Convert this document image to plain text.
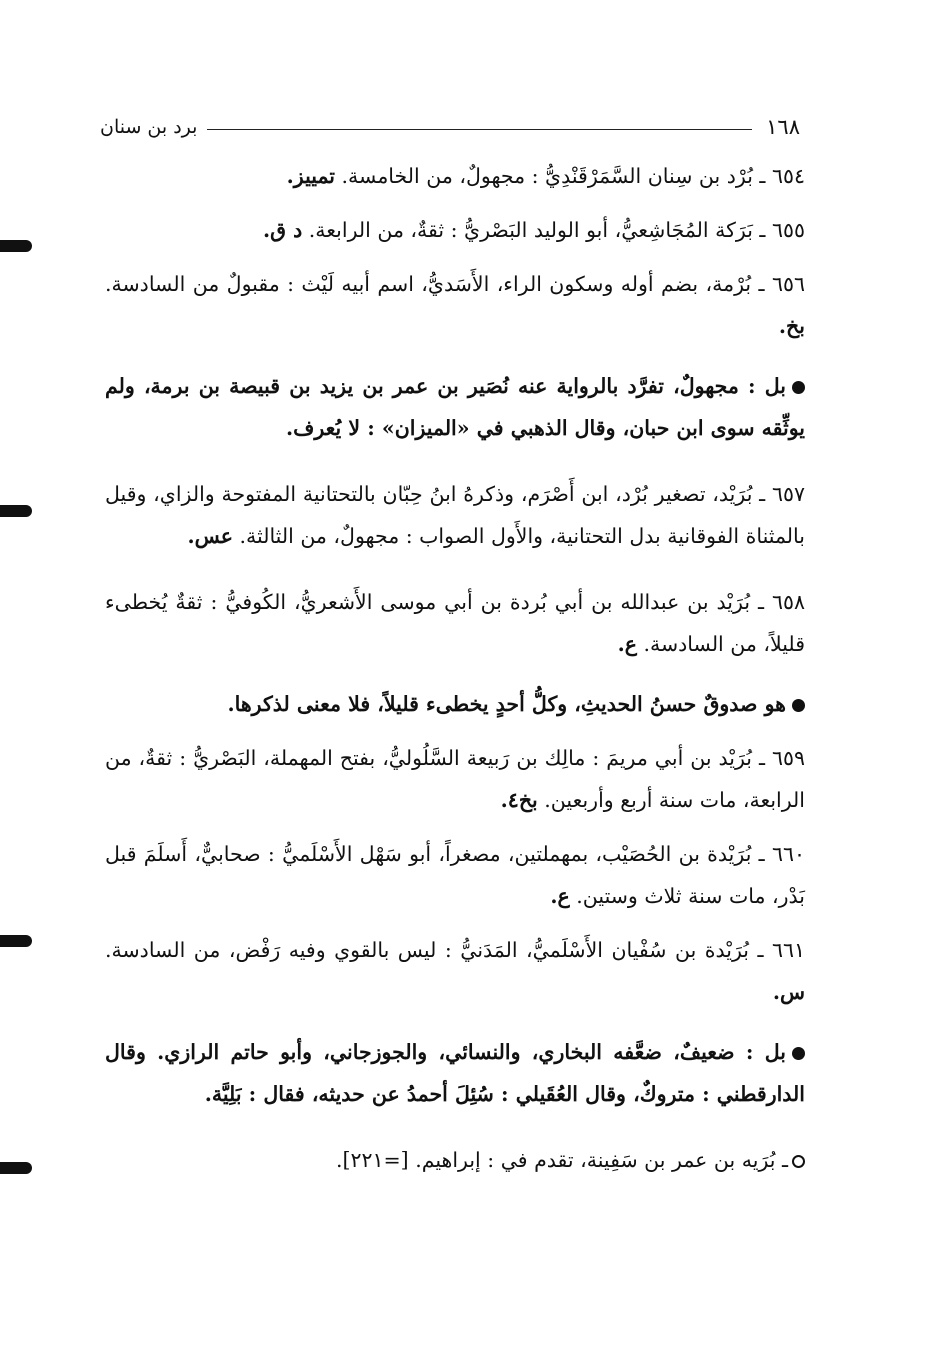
١٦٨
برد بن سنان

٦٥٤ ـ بُرْد بن سِنان السَّمَرْقَنْدِيُّ : مجهولٌ، من الخامسة. تمييز.

٦٥٥ ـ بَرَكة المُجَاشِعيُّ، أبو الوليد البَصْريُّ : ثقةٌ، من الرابعة. د ق.

٦٥٦ ـ بُرْمة، بضم أوله وسكون الراء، الأَسَديُّ، اسم أبيه لَيْث : مقبولٌ من السادسة. بخ.

بل : مجهولٌ، تفرَّد بالرواية عنه نُصَير بن عمر بن يزيد بن قبيصة بن برمة، ولم يوثِّقه سوى ابن حبان، وقال الذهبي في «الميزان» : لا يُعرف.

٦٥٧ ـ بُرَيْد، تصغير بُرْد، ابن أَصْرَم، وذكرهُ ابنُ حِبّان بالتحتانية المفتوحة والزاي، وقيل بالمثناة الفوقانية بدل التحتانية، والأَول الصواب : مجهولٌ، من الثالثة. عس.

٦٥٨ ـ بُرَيْد بن عبدالله بن أبي بُردة بن أبي موسى الأَشعريُّ، الكُوفيُّ : ثقةٌ يُخطىء قليلاً، من السادسة. ع.

هو صدوقٌ حسنُ الحديثِ، وكلُّ أحدٍ يخطىء قليلاً، فلا معنى لذكرها.

٦٥٩ ـ بُرَيْد بن أبي مريمَ : مالِك بن رَبيعة السَّلُوليُّ، بفتح المهملة، البَصْريُّ : ثقةٌ، من الرابعة، مات سنة أربع وأربعين. بخ٤.

٦٦٠ ـ بُرَيْدة بن الحُصَيْب، بمهملتين، مصغراً، أبو سَهْل الأَسْلَميُّ : صحابيٌّ، أَسلَمَ قبل بَدْر، مات سنة ثلاث وستين. ع.

٦٦١ ـ بُرَيْدة بن سُفْيان الأَسْلَميُّ، المَدَنيُّ : ليس بالقوي وفيه رَفْض، من السادسة. س.

بل : ضعيفٌ، ضعَّفه البخاري، والنسائي، والجوزجاني، وأبو حاتم الرازي. وقال الدارقطني : متروكٌ، وقال العُقَيلي : سُئِلَ أحمدُ عن حديثه، فقال : بَلِيَّة.

ـ بُرَيه بن عمر بن سَفِينة، تقدم في : إبراهيم. [=٢٢١].
